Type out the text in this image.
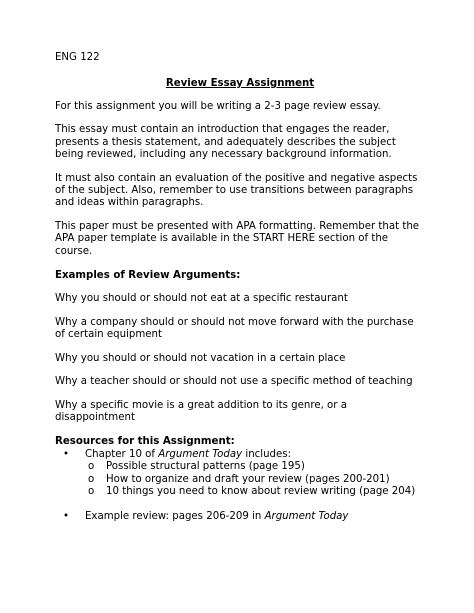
ENG 122

Review Essay Assignment

For this assignment you will be writing a 2-3 page review essay.

This essay must contain an introduction that engages the reader, presents a thesis statement, and adequately describes the subject being reviewed, including any necessary background information.

It must also contain an evaluation of the positive and negative aspects of the subject. Also, remember to use transitions between paragraphs and ideas within paragraphs.

This paper must be presented with APA formatting. Remember that the APA paper template is available in the START HERE section of the course.

Examples of Review Arguments:

Why you should or should not eat at a specific restaurant

Why a company should or should not move forward with the purchase of certain equipment

Why you should or should not vacation in a certain place

Why a teacher should or should not use a specific method of teaching

Why a specific movie is a great addition to its genre, or a disappointment

Resources for this Assignment:

• Chapter 10 of Argument Today includes:
o Possible structural patterns (page 195)
o How to organize and draft your review (pages 200-201)
o 10 things you need to know about review writing (page 204)
• Example review: pages 206-209 in Argument Today
